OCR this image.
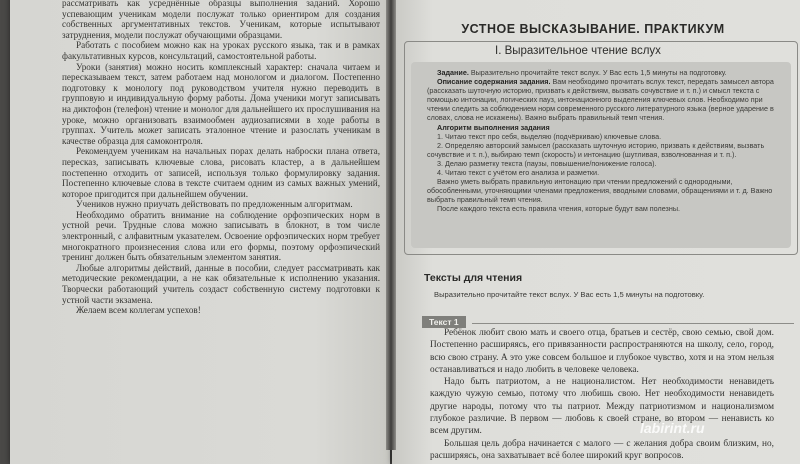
рассматривать как усреднённые образцы выполнения заданий. Хорошо успевающим ученикам модели послужат только ориентиром для создания собственных аргументативных текстов. Ученикам, которые испытывают затруднения, модели послужат обучающими образцами.

Работать с пособием можно как на уроках русского языка, так и в рамках факультативных курсов, консультаций, самостоятельной работы.

Уроки (занятия) можно носить комплексный характер: сначала читаем и пересказываем текст, затем работаем над монологом и диалогом. Постепенно подготовку к монологу под руководством учителя нужно переводить в групповую и индивидуальную форму работы. Дома ученики могут записывать на диктофон (телефон) чтение и монолог для дальнейшего их прослушивания на уроке, можно организовать взаимообмен аудиозаписями в ходе работы в группах. Учитель может записать эталонное чтение и разослать ученикам в качестве образца для самоконтроля.

Рекомендуем ученикам на начальных порах делать наброски плана ответа, пересказ, записывать ключевые слова, рисовать кластер, а в дальнейшем постепенно отходить от записей, используя только формулировку задания. Постепенно ключевые слова в тексте считаем одним из самых важных умений, которое пригодится при дальнейшем обучении.

Учеников нужно приучать действовать по предложенным алгоритмам.

Необходимо обратить внимание на соблюдение орфоэпических норм в устной речи. Трудные слова можно записывать в блокнот, в том числе электронный, с алфавитным указателем. Освоение орфоэпических норм требует многократного произнесения слова или его формы, поэтому орфоэпический тренинг должен быть обязательным элементом занятия.

Любые алгоритмы действий, данные в пособии, следует рассматривать как методические рекомендации, а не как обязательные к исполнению указания. Творчески работающий учитель создаст собственную систему подготовки к устной части экзамена.

Желаем всем коллегам успехов!

УСТНОЕ ВЫСКАЗЫВАНИЕ. ПРАКТИКУМ
I. Выразительное чтение вслух

Задание. Выразительно прочитайте текст вслух. У Вас есть 1,5 минуты на подготовку.

Описание содержания задания. Вам необходимо прочитать вслух текст, передать замысел автора (рассказать шуточную историю, призвать к действиям, вызвать сочувствие и т. п.) и смысл текста с помощью интонации, логических пауз, интонационного выделения ключевых слов. Необходимо при чтении следить за соблюдением норм современного русского литературного языка (верное ударение в словах, слова не искажены). Важно выбрать правильный темп чтения.

Алгоритм выполнения задания

1. Читаю текст про себя, выделяю (подчёркиваю) ключевые слова.

2. Определяю авторский замысел (рассказать шуточную историю, призвать к действиям, вызвать сочувствие и т. п.), выбираю темп (скорость) и интонацию (шутливая, взволнованная и т. п.).

3. Делаю разметку текста (паузы, повышение/понижение голоса).

4. Читаю текст с учётом его анализа и разметки.

Важно уметь выбрать правильную интонацию при чтении предложений с однородными, обособленными, уточняющими членами предложения, вводными словами, обращениями и т. д. Важно выбрать правильный темп чтения.

После каждого текста есть правила чтения, которые будут вам полезны.

Тексты для чтения
Выразительно прочитайте текст вслух. У Вас есть 1,5 минуты на подготовку.
Текст 1

Ребёнок любит свою мать и своего отца, братьев и сестёр, свою семью, свой дом. Постепенно расширяясь, его привязанности распространяются на школу, село, город, всю свою страну. А это уже совсем большое и глубокое чувство, хотя и на этом нельзя останавливаться и надо любить в человеке человека.

Надо быть патриотом, а не националистом. Нет необходимости ненавидеть каждую чужую семью, потому что любишь свою. Нет необходимости ненавидеть другие народы, потому что ты патриот. Между патриотизмом и национализмом глубокое различие. В первом — любовь к своей стране, во втором — ненависть ко всем другим.

Большая цель добра начинается с малого — с желания добра своим близким, но, расширяясь, она захватывает всё более широкий круг вопросов.

labirint.ru
